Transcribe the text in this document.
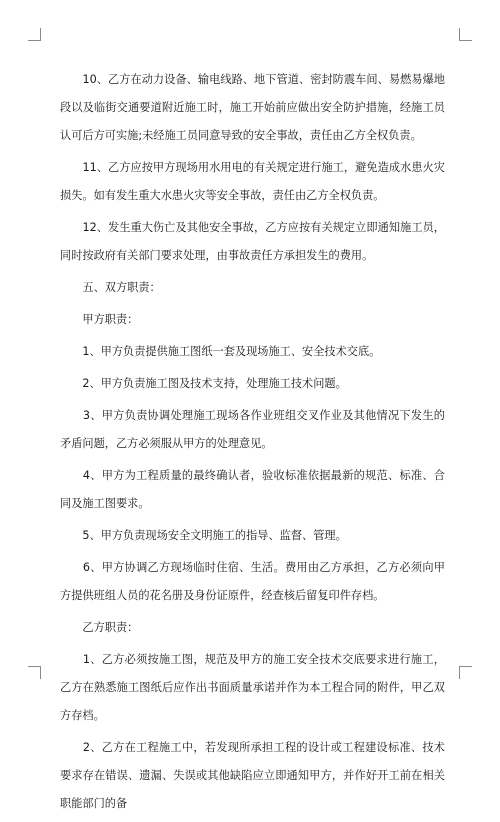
　　10、乙方在动力设备、输电线路、地下管道、密封防震车间、易燃易爆地段以及临街交通要道附近施工时，施工开始前应做出安全防护措施，经施工员认可后方可实施;未经施工员同意导致的安全事故，责任由乙方全权负责。

　　11、乙方应按甲方现场用水用电的有关规定进行施工，避免造成水患火灾损失。如有发生重大水患火灾等安全事故，责任由乙方全权负责。

　　12、发生重大伤亡及其他安全事故，乙方应按有关规定立即通知施工员，同时按政府有关部门要求处理，由事故责任方承担发生的费用。

　　五、双方职责：

　　甲方职责：

　　1、甲方负责提供施工图纸一套及现场施工、安全技术交底。

　　2、甲方负责施工图及技术支持，处理施工技术问题。

　　3、甲方负责协调处理施工现场各作业班组交叉作业及其他情况下发生的矛盾问题，乙方必须服从甲方的处理意见。

　　4、甲方为工程质量的最终确认者，验收标准依据最新的规范、标准、合同及施工图要求。

　　5、甲方负责现场安全文明施工的指导、监督、管理。

　　6、甲方协调乙方现场临时住宿、生活。费用由乙方承担，乙方必须向甲方提供班组人员的花名册及身份证原件，经查核后留复印件存档。

　　乙方职责：

　　1、乙方必须按施工图，规范及甲方的施工安全技术交底要求进行施工，乙方在熟悉施工图纸后应作出书面质量承诺并作为本工程合同的附件，甲乙双方存档。

　　2、乙方在工程施工中，若发现所承担工程的设计或工程建设标准、技术要求存在错误、遗漏、失误或其他缺陷应立即通知甲方，并作好开工前在相关职能部门的备
